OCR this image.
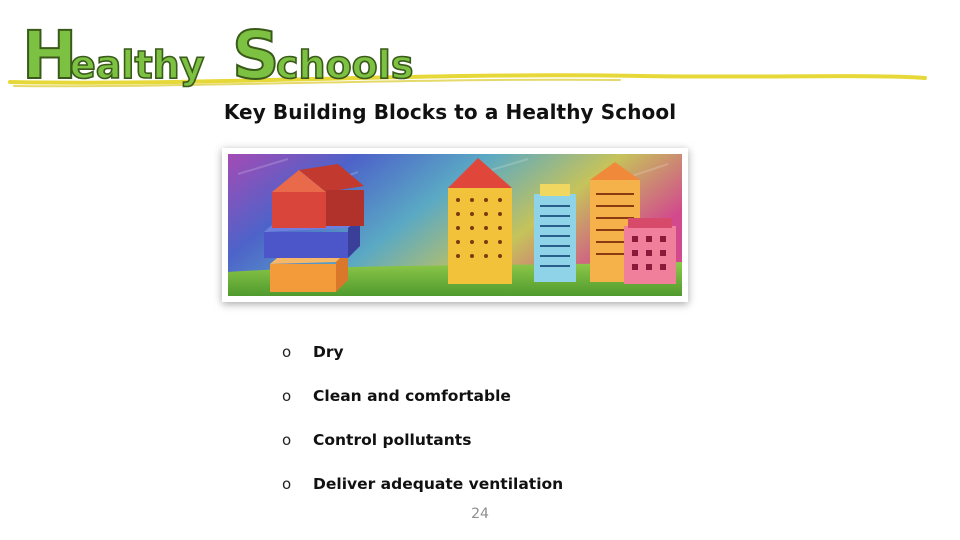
H
ealthy S
chools
Key Building Blocks to a Healthy School
o	Dry
o	Clean and comfortable
o	Control pollutants
o	Deliver adequate ventilation
24
